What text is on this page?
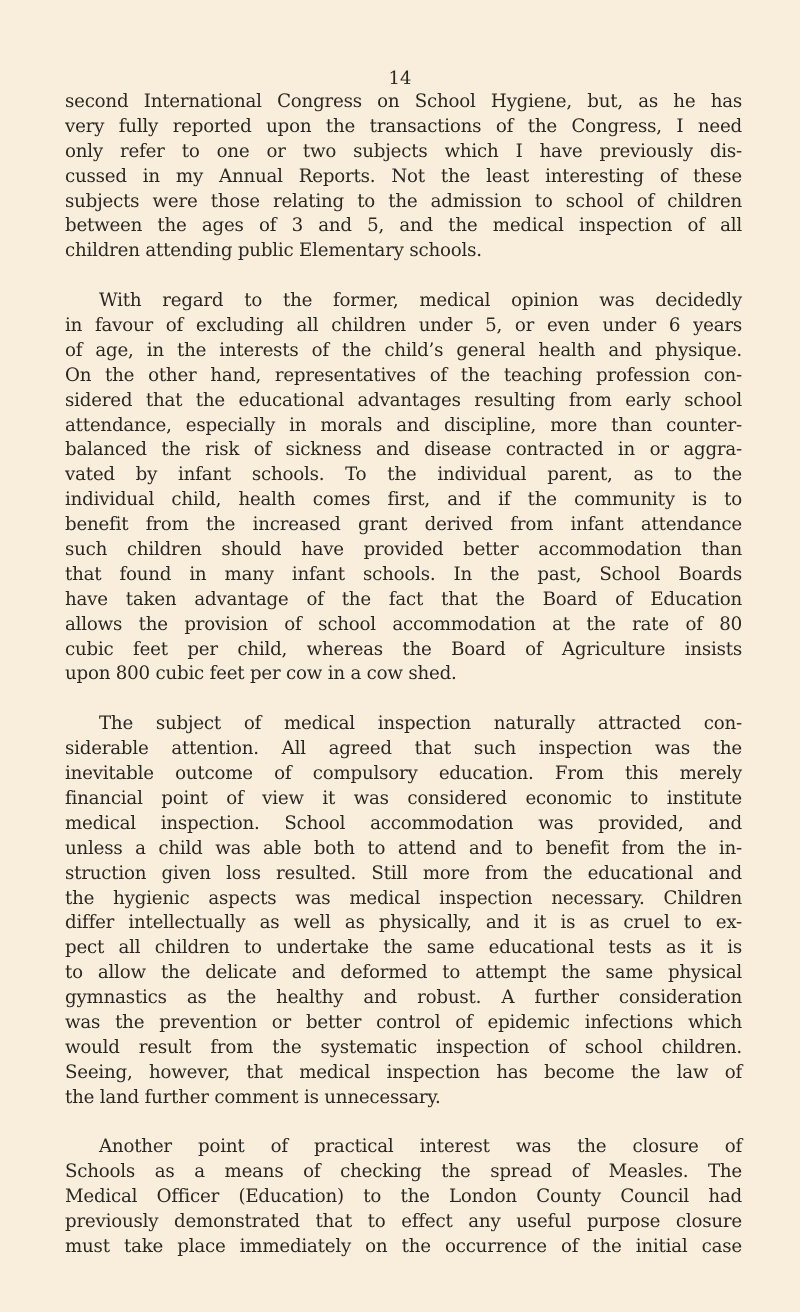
14
second International Congress on School Hygiene, but, as he has
very fully reported upon the transactions of the Congress, I need
only refer to one or two subjects which I have previously dis-
cussed in my Annual Reports. Not the least interesting of these
subjects were those relating to the admission to school of children
between the ages of 3 and 5, and the medical inspection of all
children attending public Elementary schools.
With regard to the former, medical opinion was decidedly
in favour of excluding all children under 5, or even under 6 years
of age, in the interests of the child’s general health and physique.
On the other hand, representatives of the teaching profession con-
sidered that the educational advantages resulting from early school
attendance, especially in morals and discipline, more than counter-
balanced the risk of sickness and disease contracted in or aggra-
vated by infant schools. To the individual parent, as to the
individual child, health comes first, and if the community is to
benefit from the increased grant derived from infant attendance
such children should have provided better accommodation than
that found in many infant schools. In the past, School Boards
have taken advantage of the fact that the Board of Education
allows the provision of school accommodation at the rate of 80
cubic feet per child, whereas the Board of Agriculture insists
upon 800 cubic feet per cow in a cow shed.
The subject of medical inspection naturally attracted con-
siderable attention. All agreed that such inspection was the
inevitable outcome of compulsory education. From this merely
financial point of view it was considered economic to institute
medical inspection. School accommodation was provided, and
unless a child was able both to attend and to benefit from the in-
struction given loss resulted. Still more from the educational and
the hygienic aspects was medical inspection necessary. Children
differ intellectually as well as physically, and it is as cruel to ex-
pect all children to undertake the same educational tests as it is
to allow the delicate and deformed to attempt the same physical
gymnastics as the healthy and robust. A further consideration
was the prevention or better control of epidemic infections which
would result from the systematic inspection of school children.
Seeing, however, that medical inspection has become the law of
the land further comment is unnecessary.
Another point of practical interest was the closure of
Schools as a means of checking the spread of Measles. The
Medical Officer (Education) to the London County Council had
previously demonstrated that to effect any useful purpose closure
must take place immediately on the occurrence of the initial case
